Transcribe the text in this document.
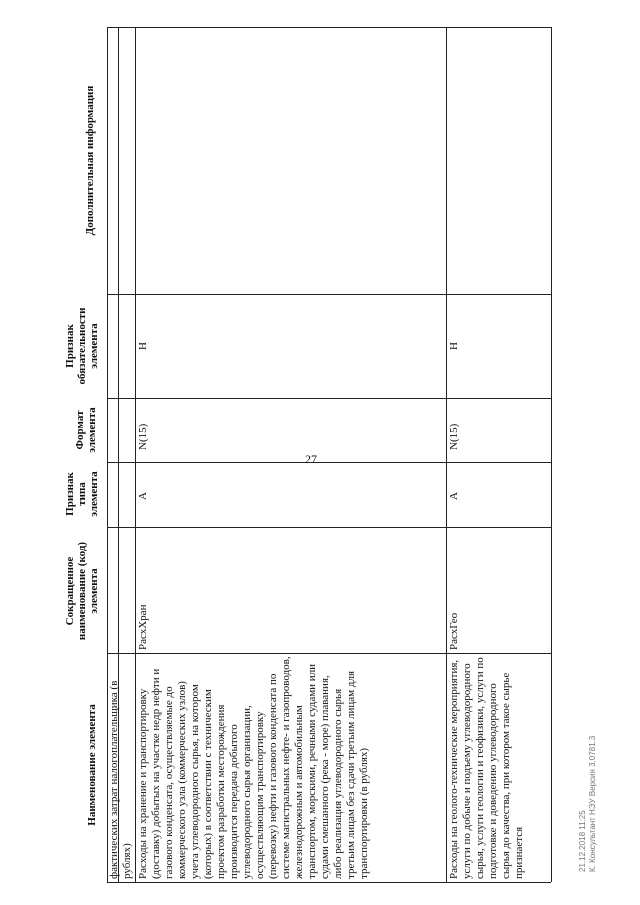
27
Наименование элемента
Сокращенное наименование (код) элемента
Признак типа элемента
Формат элемента
Признак обязательности элемента
Дополнительная информация
фактических затрат налогоплательщика (в рублях) Расходы на хранение и транспортировку (доставку) добытых на участке недр нефти и газового конденсата, осуществляемые до коммерческого узла (коммерческих узлов) учета углеводородного сырья, на котором (которых) в соответствии с техническим проектом разработки месторождения производится передача добытого углеводородного сырья организации, осуществляющим транспортировку (перевозку) нефти и газового конденсата по системе магистральных нефте- и газопроводов, железнодорожным и автомобильным транспортом, морскими, речными судами или судами смешанного (река - море) плавания, либо реализация углеводородного сырья третьим лицам без сдачи третьим лицам для транспортировки (в рублях)
РасхХран
А
N(15)
Н
Расходы на геолого-технические мероприятия, услуги по добыче и подъему углеводородного сырья, услуги геологии и геофизики, услуги по подготовке и доведению углеводородного сырья до качества, при котором такое сырье признается
РасхГео
А
N(15)
Н
21.12.2018 11:25 К. Консультант НЭУ Версия 3.0781.3
